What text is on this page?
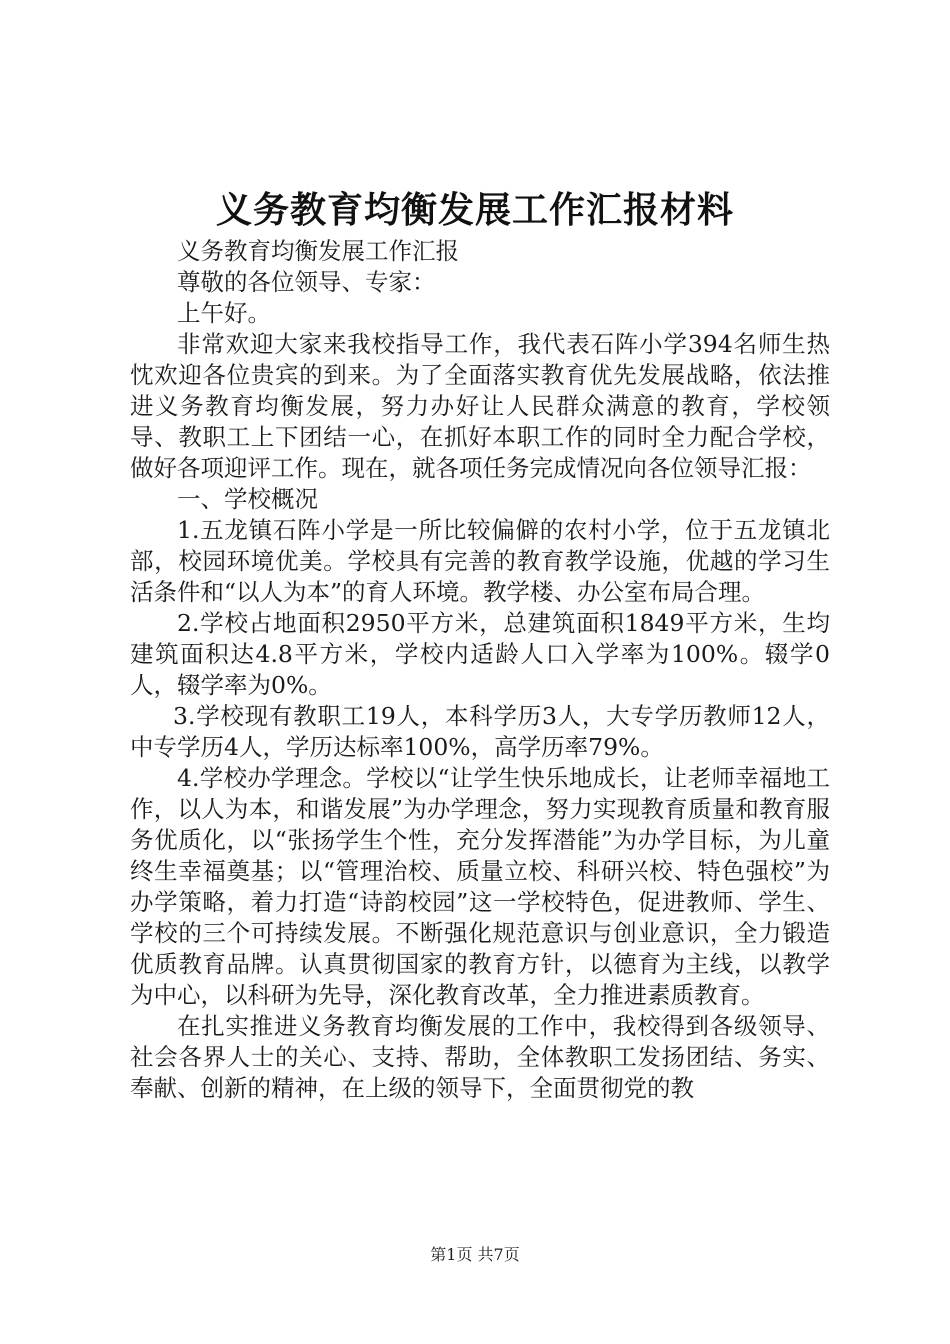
义务教育均衡发展工作汇报材料

义务教育均衡发展工作汇报

尊敬的各位领导、专家：

上午好。

非常欢迎大家来我校指导工作，我代表石阵小学394名师生热忱欢迎各位贵宾的到来。为了全面落实教育优先发展战略，依法推进义务教育均衡发展，努力办好让人民群众满意的教育，学校领导、教职工上下团结一心，在抓好本职工作的同时全力配合学校，做好各项迎评工作。现在，就各项任务完成情况向各位领导汇报：

一、学校概况

1.五龙镇石阵小学是一所比较偏僻的农村小学，位于五龙镇北部，校园环境优美。学校具有完善的教育教学设施，优越的学习生活条件和“以人为本”的育人环境。教学楼、办公室布局合理。

2.学校占地面积2950平方米，总建筑面积1849平方米，生均建筑面积达4.8平方米，学校内适龄人口入学率为100%。辍学0人，辍学率为0%。

3.学校现有教职工19人，本科学历3人，大专学历教师12人，中专学历4人，学历达标率100%，高学历率79%。

4.学校办学理念。学校以“让学生快乐地成长，让老师幸福地工作，以人为本，和谐发展”为办学理念，努力实现教育质量和教育服务优质化，以“张扬学生个性，充分发挥潜能”为办学目标，为儿童终生幸福奠基；以“管理治校、质量立校、科研兴校、特色强校”为办学策略，着力打造“诗韵校园”这一学校特色，促进教师、学生、学校的三个可持续发展。不断强化规范意识与创业意识，全力锻造优质教育品牌。认真贯彻国家的教育方针，以德育为主线，以教学为中心，以科研为先导，深化教育改革，全力推进素质教育。

在扎实推进义务教育均衡发展的工作中，我校得到各级领导、社会各界人士的关心、支持、帮助，全体教职工发扬团结、务实、奉献、创新的精神，在上级的领导下，全面贯彻党的教

第1页 共7页
